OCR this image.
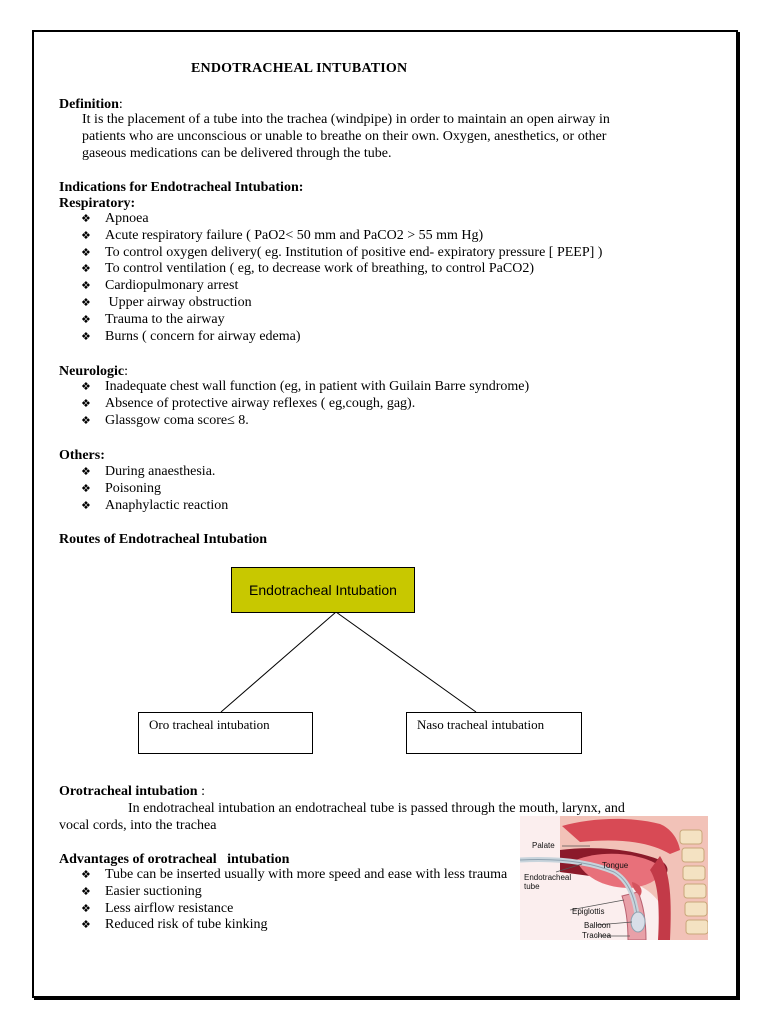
ENDOTRACHEAL INTUBATION
Definition:
It is the placement of a tube into the trachea (windpipe) in order to maintain an open airway in
patients who are unconscious or unable to breathe on their own. Oxygen, anesthetics, or other
gaseous medications can be delivered through the tube.
Indications for Endotracheal Intubation:
Respiratory:
❖ Apnoea
❖ Acute respiratory failure ( PaO2< 50 mm and PaCO2 > 55 mm Hg)
❖ To control oxygen delivery( eg. Institution of positive end- expiratory pressure [ PEEP] )
❖ To control ventilation ( eg, to decrease work of breathing, to control PaCO2)
❖ Cardiopulmonary arrest
❖ Upper airway obstruction
❖ Trauma to the airway
❖ Burns ( concern for airway edema)
Neurologic:
❖ Inadequate chest wall function (eg, in patient with Guilain Barre syndrome)
❖ Absence of protective airway reflexes ( eg,cough, gag).
❖ Glassgow coma score≤ 8.
Others:
❖ During anaesthesia.
❖ Poisoning
❖ Anaphylactic reaction
Routes of Endotracheal Intubation
Endotracheal Intubation
Oro tracheal intubation	Naso tracheal intubation
Orotracheal intubation :
In endotracheal intubation an endotracheal tube is passed through the mouth, larynx, and
vocal cords, into the trachea
Advantages of orotracheal   intubation
❖ Tube can be inserted usually with more speed and ease with less trauma
❖ Easier suctioning
❖ Less airflow resistance
❖ Reduced risk of tube kinking
Palate
Tongue
Endotracheal
tube
Epiglottis
Balloon
Trachea
